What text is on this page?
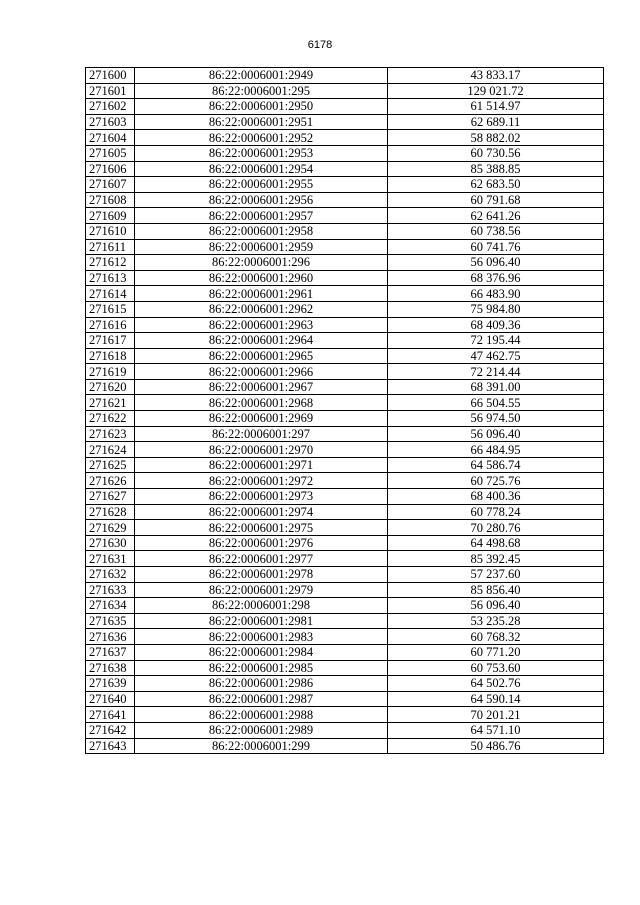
6178
271600	86:22:0006001:2949	43 833.17
271601	86:22:0006001:295	129 021.72
271602	86:22:0006001:2950	61 514.97
271603	86:22:0006001:2951	62 689.11
271604	86:22:0006001:2952	58 882.02
271605	86:22:0006001:2953	60 730.56
271606	86:22:0006001:2954	85 388.85
271607	86:22:0006001:2955	62 683.50
271608	86:22:0006001:2956	60 791.68
271609	86:22:0006001:2957	62 641.26
271610	86:22:0006001:2958	60 738.56
271611	86:22:0006001:2959	60 741.76
271612	86:22:0006001:296	56 096.40
271613	86:22:0006001:2960	68 376.96
271614	86:22:0006001:2961	66 483.90
271615	86:22:0006001:2962	75 984.80
271616	86:22:0006001:2963	68 409.36
271617	86:22:0006001:2964	72 195.44
271618	86:22:0006001:2965	47 462.75
271619	86:22:0006001:2966	72 214.44
271620	86:22:0006001:2967	68 391.00
271621	86:22:0006001:2968	66 504.55
271622	86:22:0006001:2969	56 974.50
271623	86:22:0006001:297	56 096.40
271624	86:22:0006001:2970	66 484.95
271625	86:22:0006001:2971	64 586.74
271626	86:22:0006001:2972	60 725.76
271627	86:22:0006001:2973	68 400.36
271628	86:22:0006001:2974	60 778.24
271629	86:22:0006001:2975	70 280.76
271630	86:22:0006001:2976	64 498.68
271631	86:22:0006001:2977	85 392.45
271632	86:22:0006001:2978	57 237.60
271633	86:22:0006001:2979	85 856.40
271634	86:22:0006001:298	56 096.40
271635	86:22:0006001:2981	53 235.28
271636	86:22:0006001:2983	60 768.32
271637	86:22:0006001:2984	60 771.20
271638	86:22:0006001:2985	60 753.60
271639	86:22:0006001:2986	64 502.76
271640	86:22:0006001:2987	64 590.14
271641	86:22:0006001:2988	70 201.21
271642	86:22:0006001:2989	64 571.10
271643	86:22:0006001:299	50 486.76
